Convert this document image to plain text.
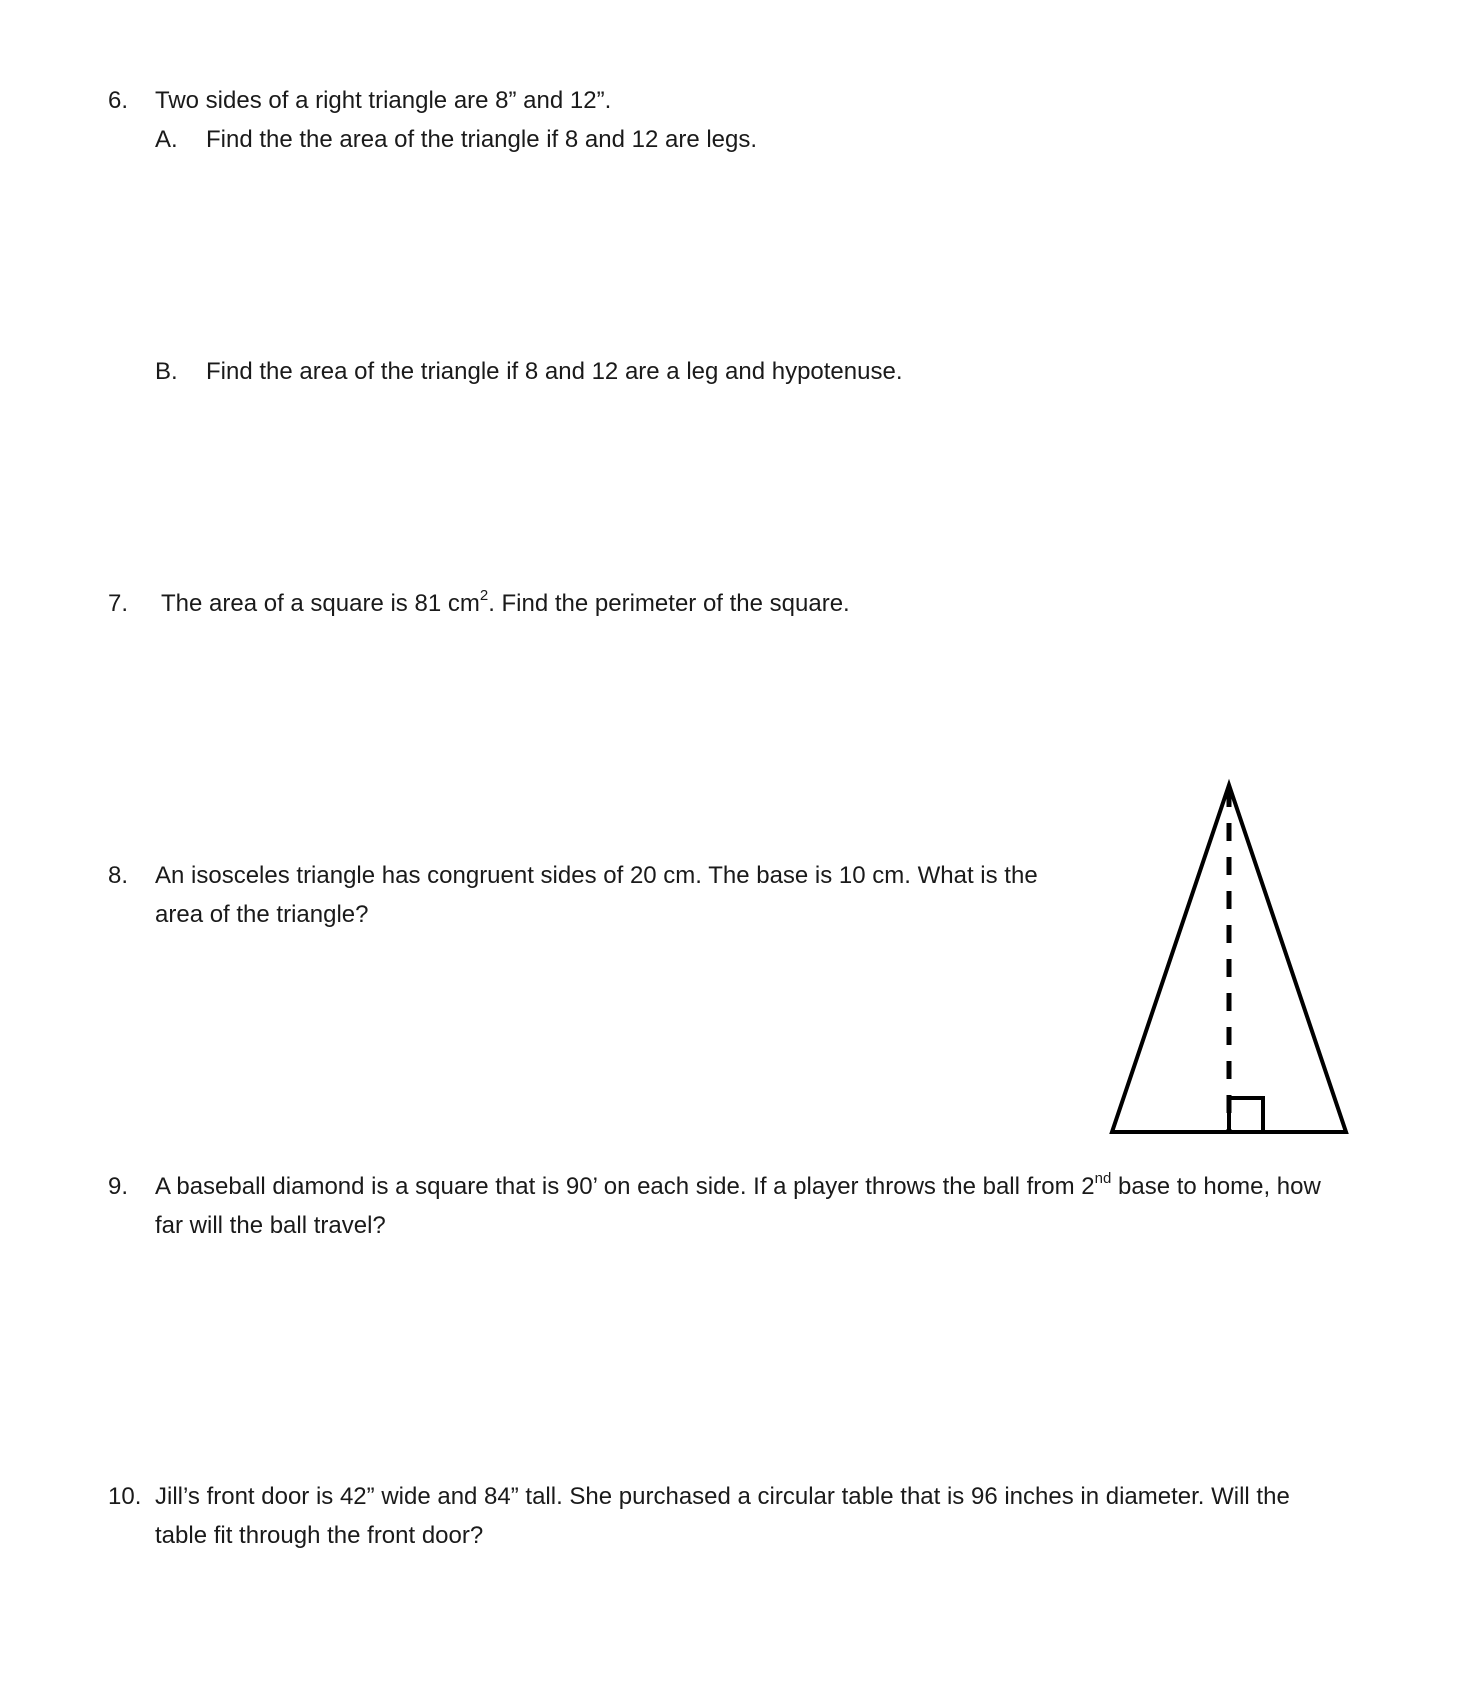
6. Two sides of a right triangle are 8” and 12”.
A. Find the the area of the triangle if 8 and 12 are legs.
B. Find the area of the triangle if 8 and 12 are a leg and hypotenuse.
7. The area of a square is 81 $cm^2$. Find the perimeter of the square.
8. An isosceles triangle has congruent sides of 20 cm. The base is 10 cm. What is the
area of the triangle?
9. A baseball diamond is a square that is 90’ on each side. If a player throws the ball from 2nd base to home, how
far will the ball travel?
10. Jill’s front door is 42” wide and 84” tall. She purchased a circular table that is 96 inches in diameter. Will the
table fit through the front door?
